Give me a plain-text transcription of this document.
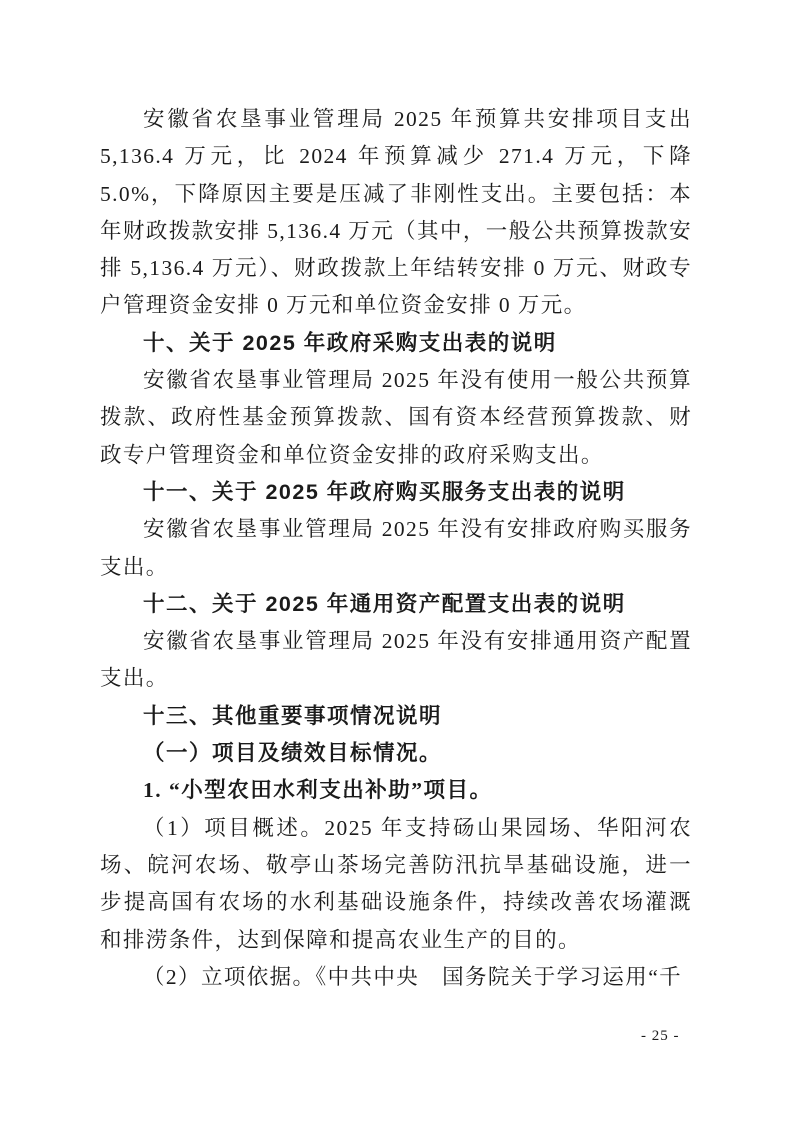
安徽省农垦事业管理局 2025 年预算共安排项目支出 5,136.4 万元，比 2024 年预算减少 271.4 万元，下降 5.0%，下降原因主要是压减了非刚性支出。主要包括：本年财政拨款安排 5,136.4 万元（其中，一般公共预算拨款安排 5,136.4 万元）、财政拨款上年结转安排 0 万元、财政专户管理资金安排 0 万元和单位资金安排 0 万元。

十、关于 2025 年政府采购支出表的说明

安徽省农垦事业管理局 2025 年没有使用一般公共预算拨款、政府性基金预算拨款、国有资本经营预算拨款、财政专户管理资金和单位资金安排的政府采购支出。

十一、关于 2025 年政府购买服务支出表的说明

安徽省农垦事业管理局 2025 年没有安排政府购买服务支出。

十二、关于 2025 年通用资产配置支出表的说明

安徽省农垦事业管理局 2025 年没有安排通用资产配置支出。

十三、其他重要事项情况说明

（一）项目及绩效目标情况。

1. “小型农田水利支出补助”项目。

（1）项目概述。2025 年支持砀山果园场、华阳河农场、皖河农场、敬亭山茶场完善防汛抗旱基础设施，进一步提高国有农场的水利基础设施条件，持续改善农场灌溉和排涝条件，达到保障和提高农业生产的目的。

（2）立项依据。《中共中央　国务院关于学习运用“千

- 25 -
